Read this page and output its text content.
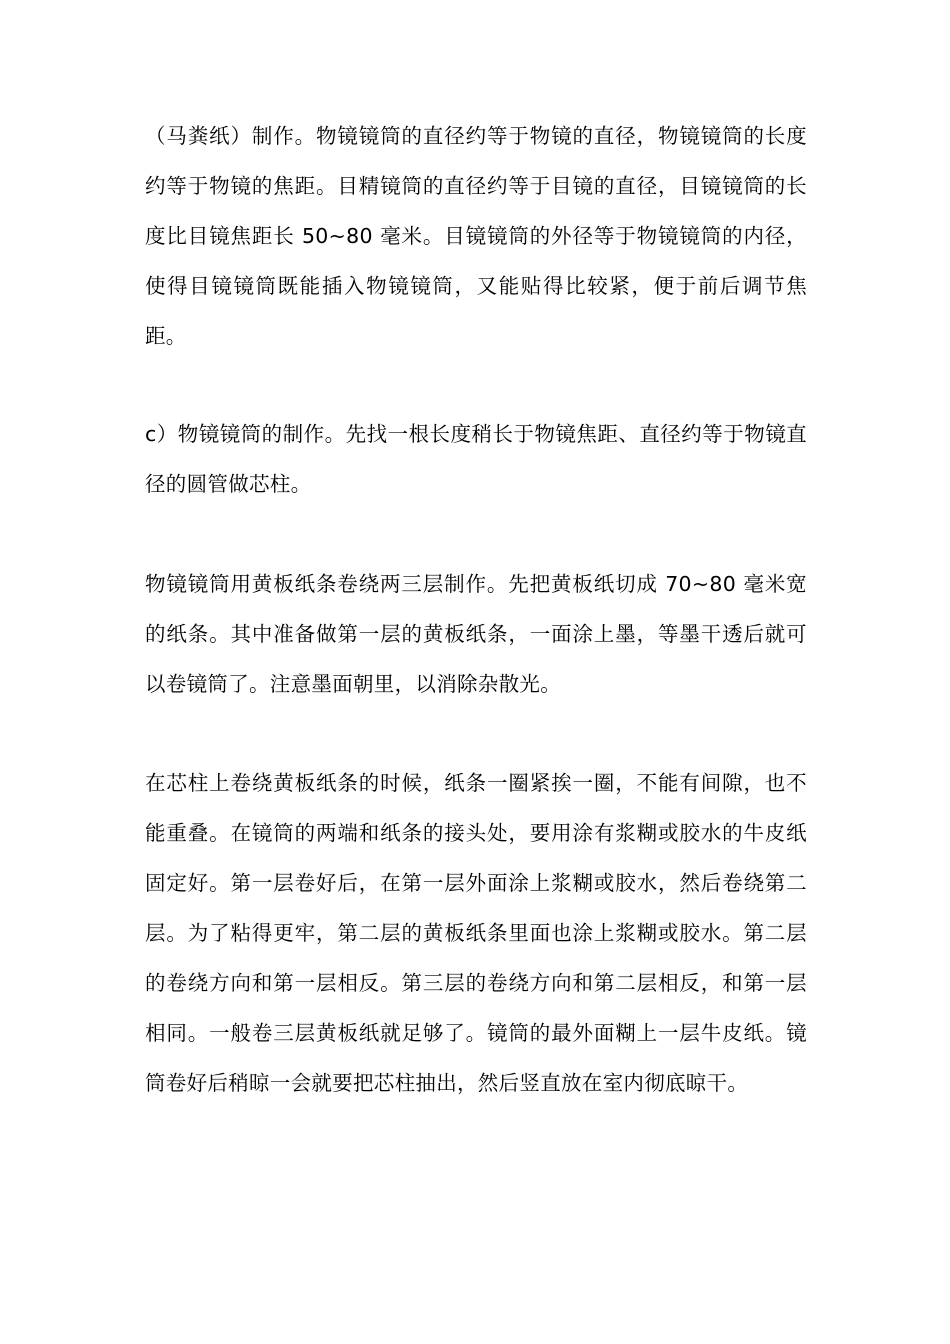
（马粪纸）制作。物镜镜筒的直径约等于物镜的直径，物镜镜筒的长度约等于物镜的焦距。目精镜筒的直径约等于目镜的直径，目镜镜筒的长度比目镜焦距长 50~80 毫米。目镜镜筒的外径等于物镜镜筒的内径，使得目镜镜筒既能插入物镜镜筒，又能贴得比较紧，便于前后调节焦距。

c）物镜镜筒的制作。先找一根长度稍长于物镜焦距、直径约等于物镜直径的圆管做芯柱。

物镜镜筒用黄板纸条卷绕两三层制作。先把黄板纸切成 70~80 毫米宽的纸条。其中准备做第一层的黄板纸条，一面涂上墨，等墨干透后就可以卷镜筒了。注意墨面朝里，以消除杂散光。

在芯柱上卷绕黄板纸条的时候，纸条一圈紧挨一圈，不能有间隙，也不能重叠。在镜筒的两端和纸条的接头处，要用涂有浆糊或胶水的牛皮纸固定好。第一层卷好后，在第一层外面涂上浆糊或胶水，然后卷绕第二层。为了粘得更牢，第二层的黄板纸条里面也涂上浆糊或胶水。第二层的卷绕方向和第一层相反。第三层的卷绕方向和第二层相反，和第一层相同。一般卷三层黄板纸就足够了。镜筒的最外面糊上一层牛皮纸。镜筒卷好后稍晾一会就要把芯柱抽出，然后竖直放在室内彻底晾干。
